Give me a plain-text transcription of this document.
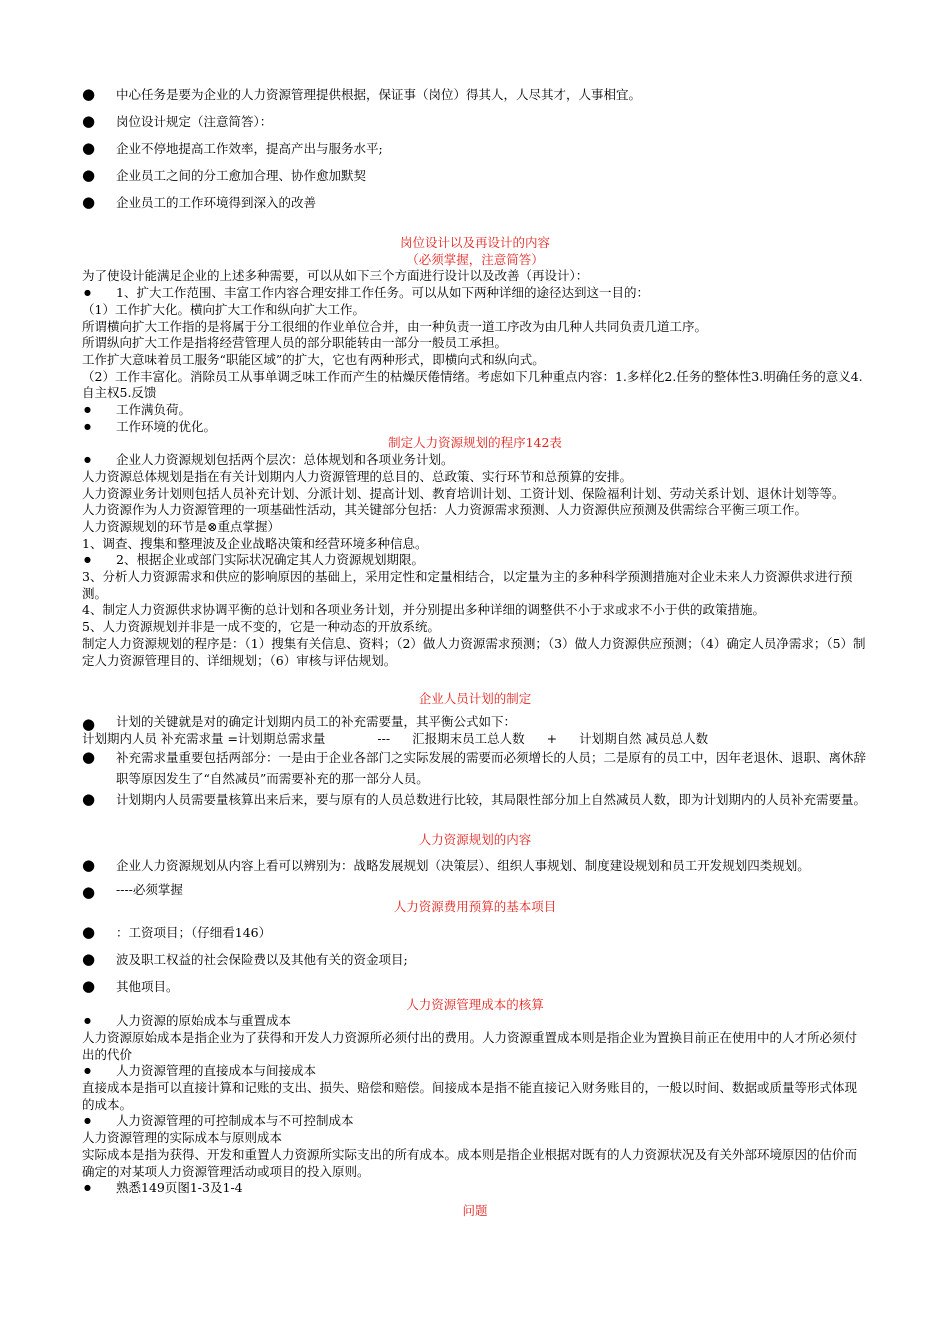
● 中心任务是要为企业的人力资源管理提供根据，保证事（岗位）得其人，人尽其才，人事相宜。

● 岗位设计规定（注意简答）：

● 企业不停地提高工作效率，提高产出与服务水平;

● 企业员工之间的分工愈加合理、协作愈加默契

● 企业员工的工作环境得到深入的改善

岗位设计以及再设计的内容

（必须掌握，注意简答）

为了使设计能满足企业的上述多种需要，可以从如下三个方面进行设计以及改善（再设计）：

● 1、扩大工作范围、丰富工作内容合理安排工作任务。可以从如下两种详细的途径达到这一目的：

（1）工作扩大化。横向扩大工作和纵向扩大工作。

所谓横向扩大工作指的是将属于分工很细的作业单位合并，由一种负责一道工序改为由几种人共同负责几道工序。

所谓纵向扩大工作是指将经营管理人员的部分职能转由一部分一般员工承担。

工作扩大意味着员工服务“职能区域”的扩大，它也有两种形式，即横向式和纵向式。

（2）工作丰富化。消除员工从事单调乏味工作而产生的枯燥厌倦情绪。考虑如下几种重点内容：1.多样化2.任务的整体性3.明确任务的意义4.自主权5.反馈

● 工作满负荷。

● 工作环境的优化。

制定人力资源规划的程序142表

● 企业人力资源规划包括两个层次：总体规划和各项业务计划。

人力资源总体规划是指在有关计划期内人力资源管理的总目的、总政策、实行环节和总预算的安排。

人力资源业务计划则包括人员补充计划、分派计划、提高计划、教育培训计划、工资计划、保险福利计划、劳动关系计划、退休计划等等。

人力资源作为人力资源管理的一项基础性活动，其关键部分包括：人力资源需求预测、人力资源供应预测及供需综合平衡三项工作。

人力资源规划的环节是⊗重点掌握）

1、调查、搜集和整理波及企业战略决策和经营环境多种信息。

● 2、根据企业或部门实际状况确定其人力资源规划期限。

3、分析人力资源需求和供应的影响原因的基础上，采用定性和定量相结合，以定量为主的多种科学预测措施对企业未来人力资源供求进行预测。

4、制定人力资源供求协调平衡的总计划和各项业务计划，并分别提出多种详细的调整供不小于求或求不小于供的政策措施。

5、人力资源规划并非是一成不变的，它是一种动态的开放系统。

制定人力资源规划的程序是：（1）搜集有关信息、资料；（2）做人力资源需求预测；（3）做人力资源供应预测；（4）确定人员净需求；（5）制定人力资源管理目的、详细规划；（6）审核与评估规划。

企业人员计划的制定

● 计划的关键就是对的确定计划期内员工的补充需要量，其平衡公式如下：

计划期内人员 补充需求量 =计划期总需求量	--- 汇报期末员工总人数 + 计划期自然 减员总人数

● 补充需求量重要包括两部分：一是由于企业各部门之实际发展的需要而必须增长的人员；二是原有的员工中，因年老退休、退职、离休辞职等原因发生了“自然减员”而需要补充的那一部分人员。

● 计划期内人员需要量核算出来后来，要与原有的人员总数进行比较，其局限性部分加上自然减员人数，即为计划期内的人员补充需要量。

人力资源规划的内容

● 企业人力资源规划从内容上看可以辨别为：战略发展规划（决策层）、组织人事规划、制度建设规划和员工开发规划四类规划。

● ----必须掌握

人力资源费用预算的基本项目

● ：工资项目；（仔细看146）

● 波及职工权益的社会保险费以及其他有关的资金项目;

● 其他项目。

人力资源管理成本的核算

● 人力资源的原始成本与重置成本

人力资源原始成本是指企业为了获得和开发人力资源所必须付出的费用。人力资源重置成本则是指企业为置换目前正在使用中的人才所必须付出的代价

● 人力资源管理的直接成本与间接成本

直接成本是指可以直接计算和记账的支出、损失、赔偿和赔偿。间接成本是指不能直接记入财务账目的，一般以时间、数据或质量等形式体现的成本。

● 人力资源管理的可控制成本与不可控制成本

人力资源管理的实际成本与原则成本

实际成本是指为获得、开发和重置人力资源所实际支出的所有成本。成本则是指企业根据对既有的人力资源状况及有关外部环境原因的估价而确定的对某项人力资源管理活动或项目的投入原则。

● 熟悉149页图1-3及1-4

问题
